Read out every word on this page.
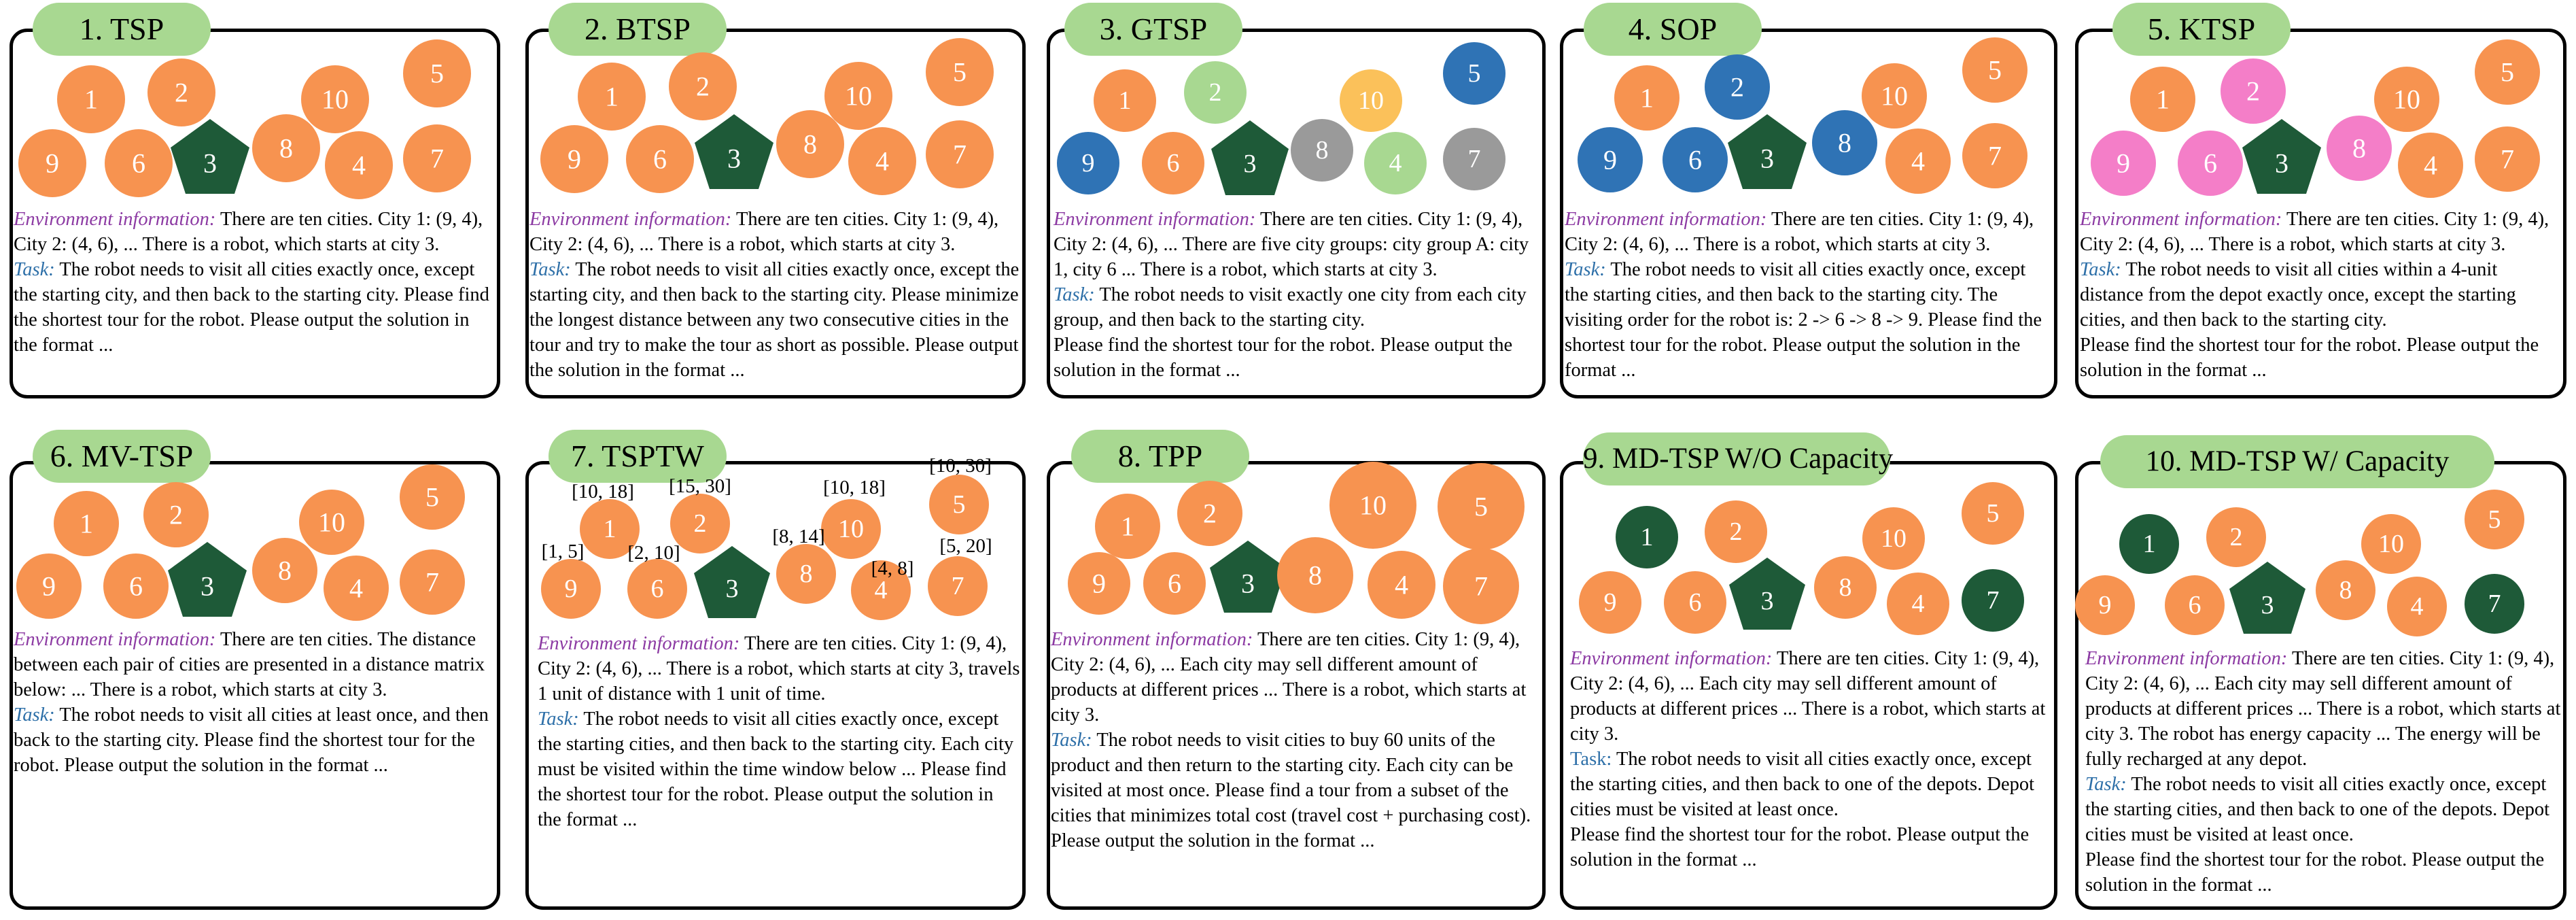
1. TSP
1	2	10
5
9	6 3 8
4 7

Environment information: There are ten cities. City 1: (9, 4), City 2: (4, 6), ... There is a robot, which starts at city 3.

Task: The robot needs to visit all cities exactly once, except the starting city, and then back to the starting city. Please find the shortest tour for the robot. Please output the solution in the format ...

2. BTSP
1	2	10
5
9	6 3 8
4 7

Environment information: There are ten cities. City 1: (9, 4), City 2: (4, 6), ... There is a robot, which starts at city 3.

Task: The robot needs to visit all cities exactly once, except the starting city, and then back to the starting city. Please minimize the longest distance between any two consecutive cities in the tour and try to make the tour as short as possible. Please output the solution in the format ...

3. GTSP
1	2	10
5
9	6 3 8 4	7

Environment information: There are ten cities. City 1: (9, 4), City 2: (4, 6), ... There are five city groups: city group A: city 1, city 6 ... There is a robot, which starts at city 3.

Task: The robot needs to visit exactly one city from each city group, and then back to the starting city.

Please find the shortest tour for the robot. Please output the solution in the format ...

4. SOP
1	2	10
5
9	6 3
8
4 7

Environment information: There are ten cities. City 1: (9, 4), City 2: (4, 6), ... There is a robot, which starts at city 3.

Task: The robot needs to visit all cities exactly once, except the starting cities, and then back to the starting city. The visiting order for the robot is: 2 -> 6 -> 8 -> 9. Please find the shortest tour for the robot. Please output the solution in the format ...

5. KTSP
1	2	10
5
9	6 3 8
4 7

Environment information: There are ten cities. City 1: (9, 4), City 2: (4, 6), ... There is a robot, which starts at city 3.

Task: The robot needs to visit all cities within a 4-unit distance from the depot exactly once, except the starting cities, and then back to the starting city.

Please find the shortest tour for the robot. Please output the solution in the format ...

6. MV-TSP
1	2	10
5
9	6 3
8
4 7

Environment information: There are ten cities. The distance between each pair of cities are presented in a distance matrix below: ... There is a robot, which starts at city 3.

Task: The robot needs to visit all cities at least once, and then back to the starting city. Please find the shortest tour for the robot. Please output the solution in the format ...

7. TSPTW
1	2	10
5
9	6 3
8
4 7
[10, 18] [15, 30]	[10, 18]
[10, 30]
[1, 5] [2, 10]
[8, 14]
[4, 8]
[5, 20]

Environment information: There are ten cities. City 1: (9, 4), City 2: (4, 6), ... There is a robot, which starts at city 3, travels 1 unit of distance with 1 unit of time.

Task: The robot needs to visit all cities exactly once, except the starting cities, and then back to the starting city. Each city must be visited within the time window below ... Please find the shortest tour for the robot. Please output the solution in the format ...

8. TPP
1	2	10	5
9 6 3 8	4 7

Environment information: There are ten cities. City 1: (9, 4), City 2: (4, 6), ... Each city may sell different amount of products at different prices ... There is a robot, which starts at city 3.

Task: The robot needs to visit cities to buy 60 units of the product and then return to the starting city. Each city can be visited at most once. Please find a tour from a subset of the cities that minimizes total cost (travel cost + purchasing cost). Please output the solution in the format ...

9. MD-TSP W/O Capacity
1	2	10
5
9	6 3	8
4 7

Environment information: There are ten cities. City 1: (9, 4), City 2: (4, 6), ... Each city may sell different amount of products at different prices ... There is a robot, which starts at city 3.

Task: The robot needs to visit all cities exactly once, except the starting cities, and then back to one of the depots. Depot cities must be visited at least once.

Please find the shortest tour for the robot. Please output the solution in the format ...

10. MD-TSP W/ Capacity
1	2	10
5
9	6 3
8
4	7

Environment information: There are ten cities. City 1: (9, 4), City 2: (4, 6), ... Each city may sell different amount of products at different prices ... There is a robot, which starts at city 3. The robot has energy capacity ... The energy will be fully recharged at any depot.

Task: The robot needs to visit all cities exactly once, except the starting cities, and then back to one of the depots. Depot cities must be visited at least once.

Please find the shortest tour for the robot. Please output the solution in the format ...
